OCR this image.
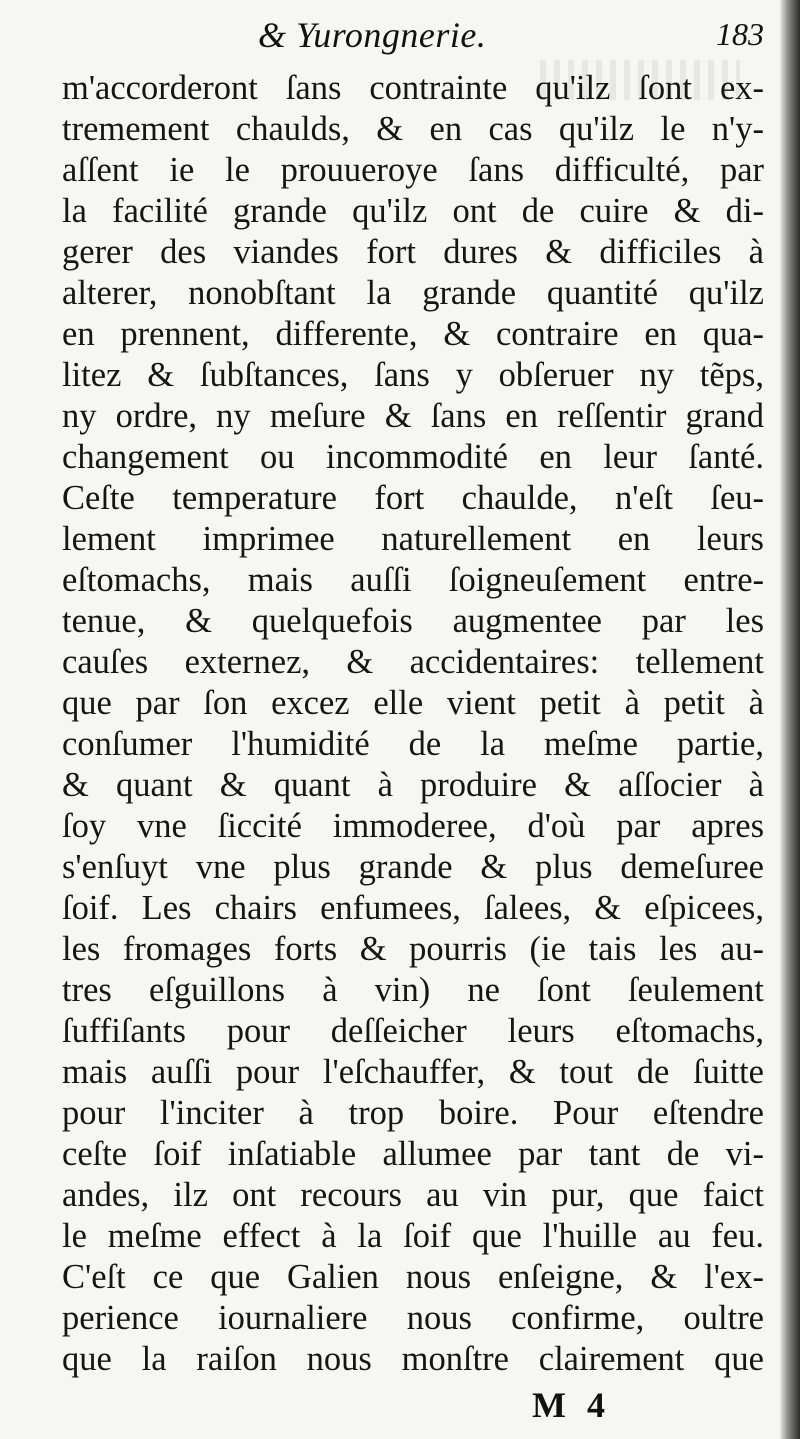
& Yurongnerie.	183
m'accorderont ſans contrainte qu'ilz ſont ex-
tremement chaulds, & en cas qu'ilz le n'y-
aſſent ie le prouueroye ſans difficulté, par
la facilité grande qu'ilz ont de cuire & di-
gerer des viandes fort dures & difficiles à
alterer, nonobſtant la grande quantité qu'ilz
en prennent, differente, & contraire en qua-
litez & ſubſtances, ſans y obſeruer ny tẽps,
ny ordre, ny meſure & ſans en reſſentir grand
changement ou incommodité en leur ſanté.
Ceſte temperature fort chaulde, n'eſt ſeu-
lement imprimee naturellement en leurs
eſtomachs, mais auſſi ſoigneuſement entre-
tenue, & quelquefois augmentee par les
cauſes externez, & accidentaires: tellement
que par ſon excez elle vient petit à petit à
conſumer l'humidité de la meſme partie,
& quant & quant à produire & aſſocier à
ſoy vne ſiccité immoderee, d'où par apres
s'enſuyt vne plus grande & plus demeſuree
ſoif. Les chairs enfumees, ſalees, & eſpicees,
les fromages forts & pourris (ie tais les au-
tres eſguillons à vin) ne ſont ſeulement
ſuffiſants pour deſſeicher leurs eſtomachs,
mais auſſi pour l'eſchauffer, & tout de ſuitte
pour l'inciter à trop boire. Pour eſtendre
ceſte ſoif inſatiable allumee par tant de vi-
andes, ilz ont recours au vin pur, que faict
le meſme effect à la ſoif que l'huille au feu.
C'eſt ce que Galien nous enſeigne, & l'ex-
perience iournaliere nous confirme, oultre
que la raiſon nous monſtre clairement que
M 4
